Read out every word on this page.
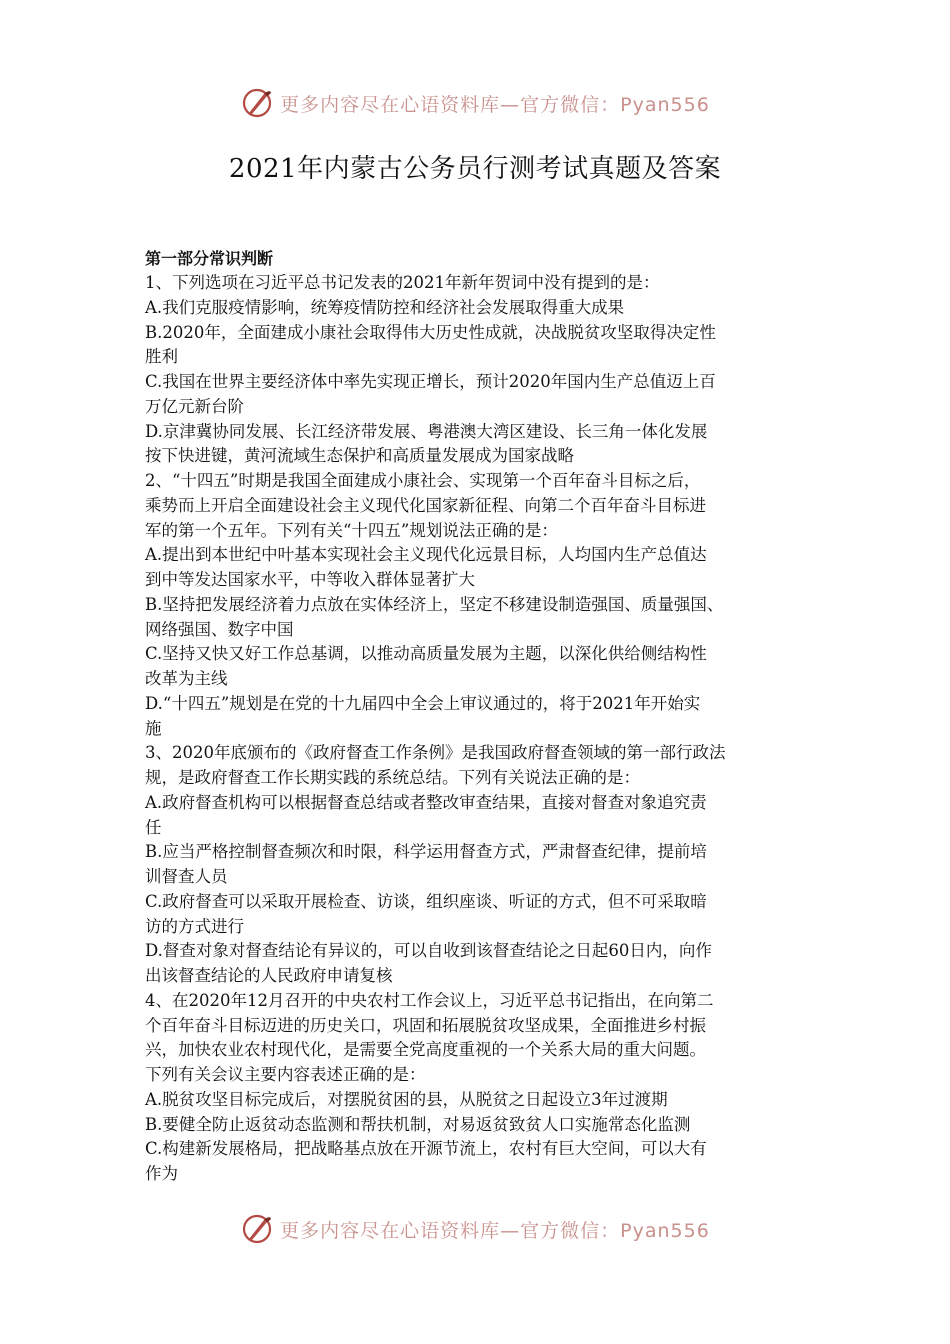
更多内容尽在心语资料库—官方微信：Pyan556
2021年内蒙古公务员行测考试真题及答案

第一部分常识判断

1、下列选项在习近平总书记发表的2021年新年贺词中没有提到的是：

A.我们克服疫情影响，统筹疫情防控和经济社会发展取得重大成果

B.2020年，全面建成小康社会取得伟大历史性成就，决战脱贫攻坚取得决定性

胜利

C.我国在世界主要经济体中率先实现正增长，预计2020年国内生产总值迈上百

万亿元新台阶

D.京津冀协同发展、长江经济带发展、粤港澳大湾区建设、长三角一体化发展

按下快进键，黄河流域生态保护和高质量发展成为国家战略

2、“十四五”时期是我国全面建成小康社会、实现第一个百年奋斗目标之后，

乘势而上开启全面建设社会主义现代化国家新征程、向第二个百年奋斗目标进

军的第一个五年。下列有关“十四五”规划说法正确的是：

A.提出到本世纪中叶基本实现社会主义现代化远景目标，人均国内生产总值达

到中等发达国家水平，中等收入群体显著扩大

B.坚持把发展经济着力点放在实体经济上，坚定不移建设制造强国、质量强国、

网络强国、数字中国

C.坚持又快又好工作总基调，以推动高质量发展为主题，以深化供给侧结构性

改革为主线

D.“十四五”规划是在党的十九届四中全会上审议通过的，将于2021年开始实

施

3、2020年底颁布的《政府督查工作条例》是我国政府督查领域的第一部行政法

规，是政府督查工作长期实践的系统总结。下列有关说法正确的是：

A.政府督查机构可以根据督查总结或者整改审查结果，直接对督查对象追究责

任

B.应当严格控制督查频次和时限，科学运用督查方式，严肃督查纪律，提前培

训督查人员

C.政府督查可以采取开展检查、访谈，组织座谈、听证的方式，但不可采取暗

访的方式进行

D.督查对象对督查结论有异议的，可以自收到该督查结论之日起60日内，向作

出该督查结论的人民政府申请复核

4、在2020年12月召开的中央农村工作会议上，习近平总书记指出，在向第二

个百年奋斗目标迈进的历史关口，巩固和拓展脱贫攻坚成果，全面推进乡村振

兴，加快农业农村现代化，是需要全党高度重视的一个关系大局的重大问题。

下列有关会议主要内容表述正确的是：

A.脱贫攻坚目标完成后，对摆脱贫困的县，从脱贫之日起设立3年过渡期

B.要健全防止返贫动态监测和帮扶机制，对易返贫致贫人口实施常态化监测

C.构建新发展格局，把战略基点放在开源节流上，农村有巨大空间，可以大有

作为

更多内容尽在心语资料库—官方微信：Pyan556
